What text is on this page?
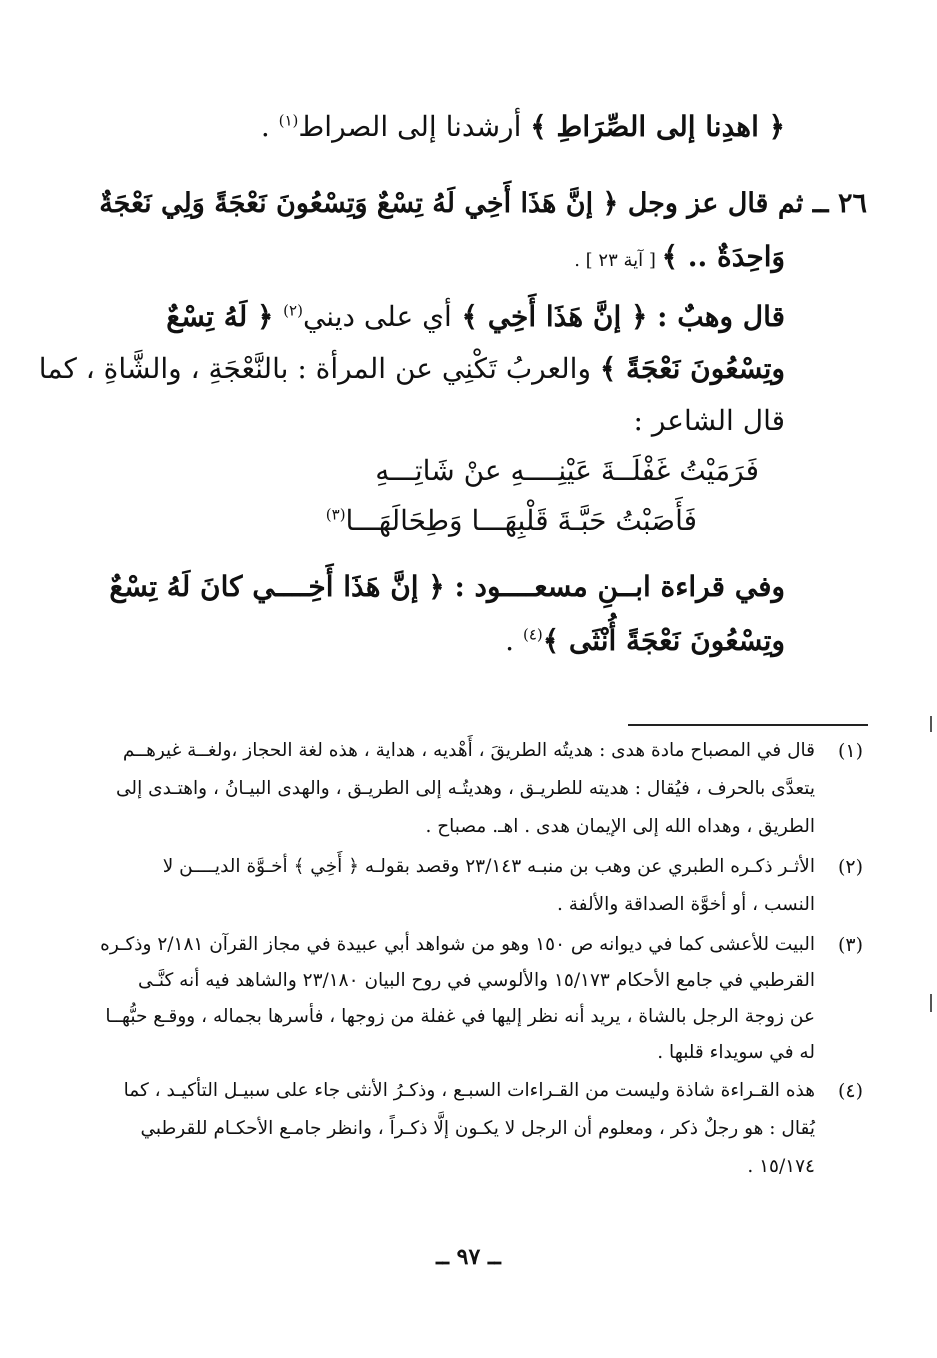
﴿ اهدِنا إلى الصِّرَاطِ ﴾ أرشدنا إلى الصراط$^{(١)}$ .
٢٦ ــ ثم قال عز وجل ﴿ إنَّ هَذَا أَخِي لَهُ تِسْعٌ وَتِسْعُونَ نَعْجَةً وَلِي نَعْجَةٌ
وَاحِدَةٌ .. ﴾ [ آية ٢٣ ] .
قال وهبٌ : ﴿ إنَّ هَذَا أَخِي ﴾ أي على ديني$^{(٢)}$ ﴿ لَهُ تِسْعٌ
وتِسْعُونَ نَعْجَةً ﴾ والعربُ تَكْنِي عن المرأة : بالنَّعْجَةِ ، والشَّاةِ ، كما
قال الشاعر :
فَرَمَيْتُ غَفْلَــةَ عَيْنِــــهِ عنْ شَاتِـــهِ
فَأَصَبْتُ حَبَّـةَ قَلْبِهَـــا وَطِحَالَهَـــا$^{(٣)}$
وفي قراءة ابــنِ مسعــــود : ﴿ إنَّ هَذَا أَخِــــي كانَ لَهُ تِسْعٌ
وتِسْعُونَ نَعْجَةً أُنْثَى ﴾$^{(٤)}$ .
(١)
قال في المصباح مادة هدى : هديتُه الطريقَ ، أَهْديه ، هداية ، هذه لغة الحجاز ،ولغــة غيرهــم
يتعدَّى بالحرف ، فيُقال : هديته للطريـق ، وهديتُـه إلى الطريـق ، والهدى البيـانُ ، واهتـدى إلى
الطريق ، وهداه الله إلى الإيمان هدى . اهـ. مصباح .
(٢)
الأثـر ذكـره الطبري عن وهب بن منبـه ٢٣/١٤٣ وقصد بقولـه ﴿ أَخِي ﴾ أخـوَّة الديــــن لا
النسب ، أو أخوَّة الصداقة والألفة .
(٣)
البيت للأعشى كما في ديوانه ص ١٥٠ وهو من شواهد أبي عبيدة في مجاز القرآن ٢/١٨١ وذكـره
القرطبي في جامع الأحكام ١٥/١٧٣ والألوسي في روح البيان ٢٣/١٨٠ والشاهد فيه أنه كنَّـى
عن زوجة الرجل بالشاة ، يريد أنه نظر إليها في غفلة من زوجها ، فأسرها بجماله ، ووقـع حبُّهــا
له في سويداء قلبها .
(٤)
هذه القـراءة شاذة وليست من القـراءات السبـع ، وذكـرُ الأنثى جاء على سبيـل التأكيـد ، كما
يُقال : هو رجلٌ ذكر ، ومعلوم أن الرجل لا يكـون إلَّا ذكـراً ، وانظر جامـع الأحكـام للقرطبي
١٥/١٧٤ .
ــ ٩٧ ــ
